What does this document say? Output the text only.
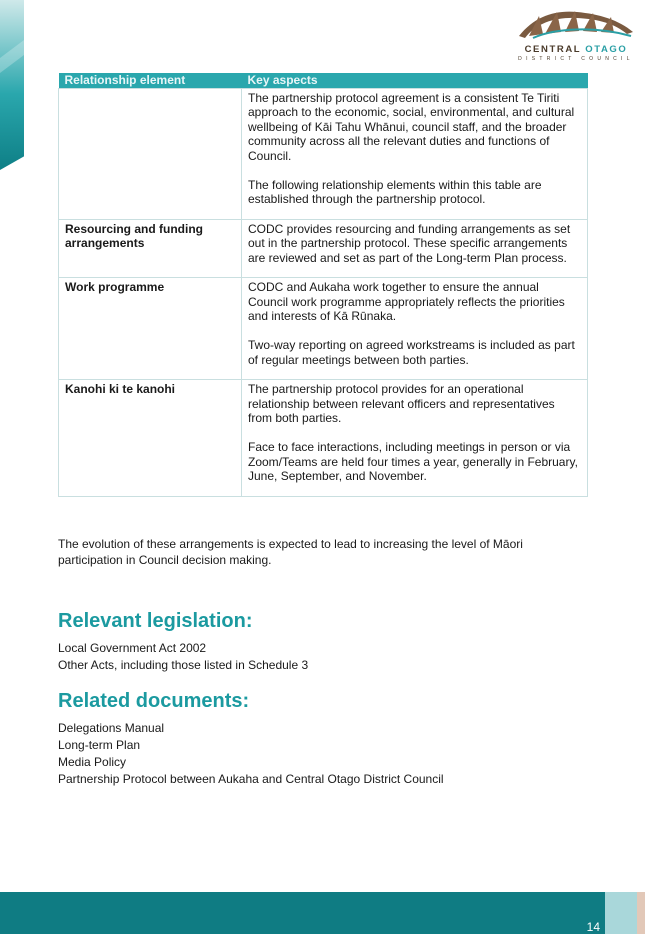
CENTRAL OTAGO
DISTRICT COUNCIL
Relationship element	Key aspects

	The partnership protocol agreement is a consistent Te Tiriti approach to the economic, social, environmental, and cultural wellbeing of Kāi Tahu Whānui, council staff, and the broader community across all the relevant duties and functions of Council.

The following relationship elements within this table are established through the partnership protocol.

Resourcing and funding arrangements	CODC provides resourcing and funding arrangements as set out in the partnership protocol. These specific arrangements are reviewed and set as part of the Long-term Plan process.

Work programme	CODC and Aukaha work together to ensure the annual Council work programme appropriately reflects the priorities and interests of Kā Rūnaka.

Two-way reporting on agreed workstreams is included as part of regular meetings between both parties.

Kanohi ki te kanohi	The partnership protocol provides for an operational relationship between relevant officers and representatives from both parties.

Face to face interactions, including meetings in person or via Zoom/Teams are held four times a year, generally in February, June, September, and November.

The evolution of these arrangements is expected to lead to increasing the level of Māori participation in Council decision making.

Relevant legislation:
Local Government Act 2002
Other Acts, including those listed in Schedule 3
Related documents:
Delegations Manual
Long-term Plan
Media Policy
Partnership Protocol between Aukaha and Central Otago District Council
14
